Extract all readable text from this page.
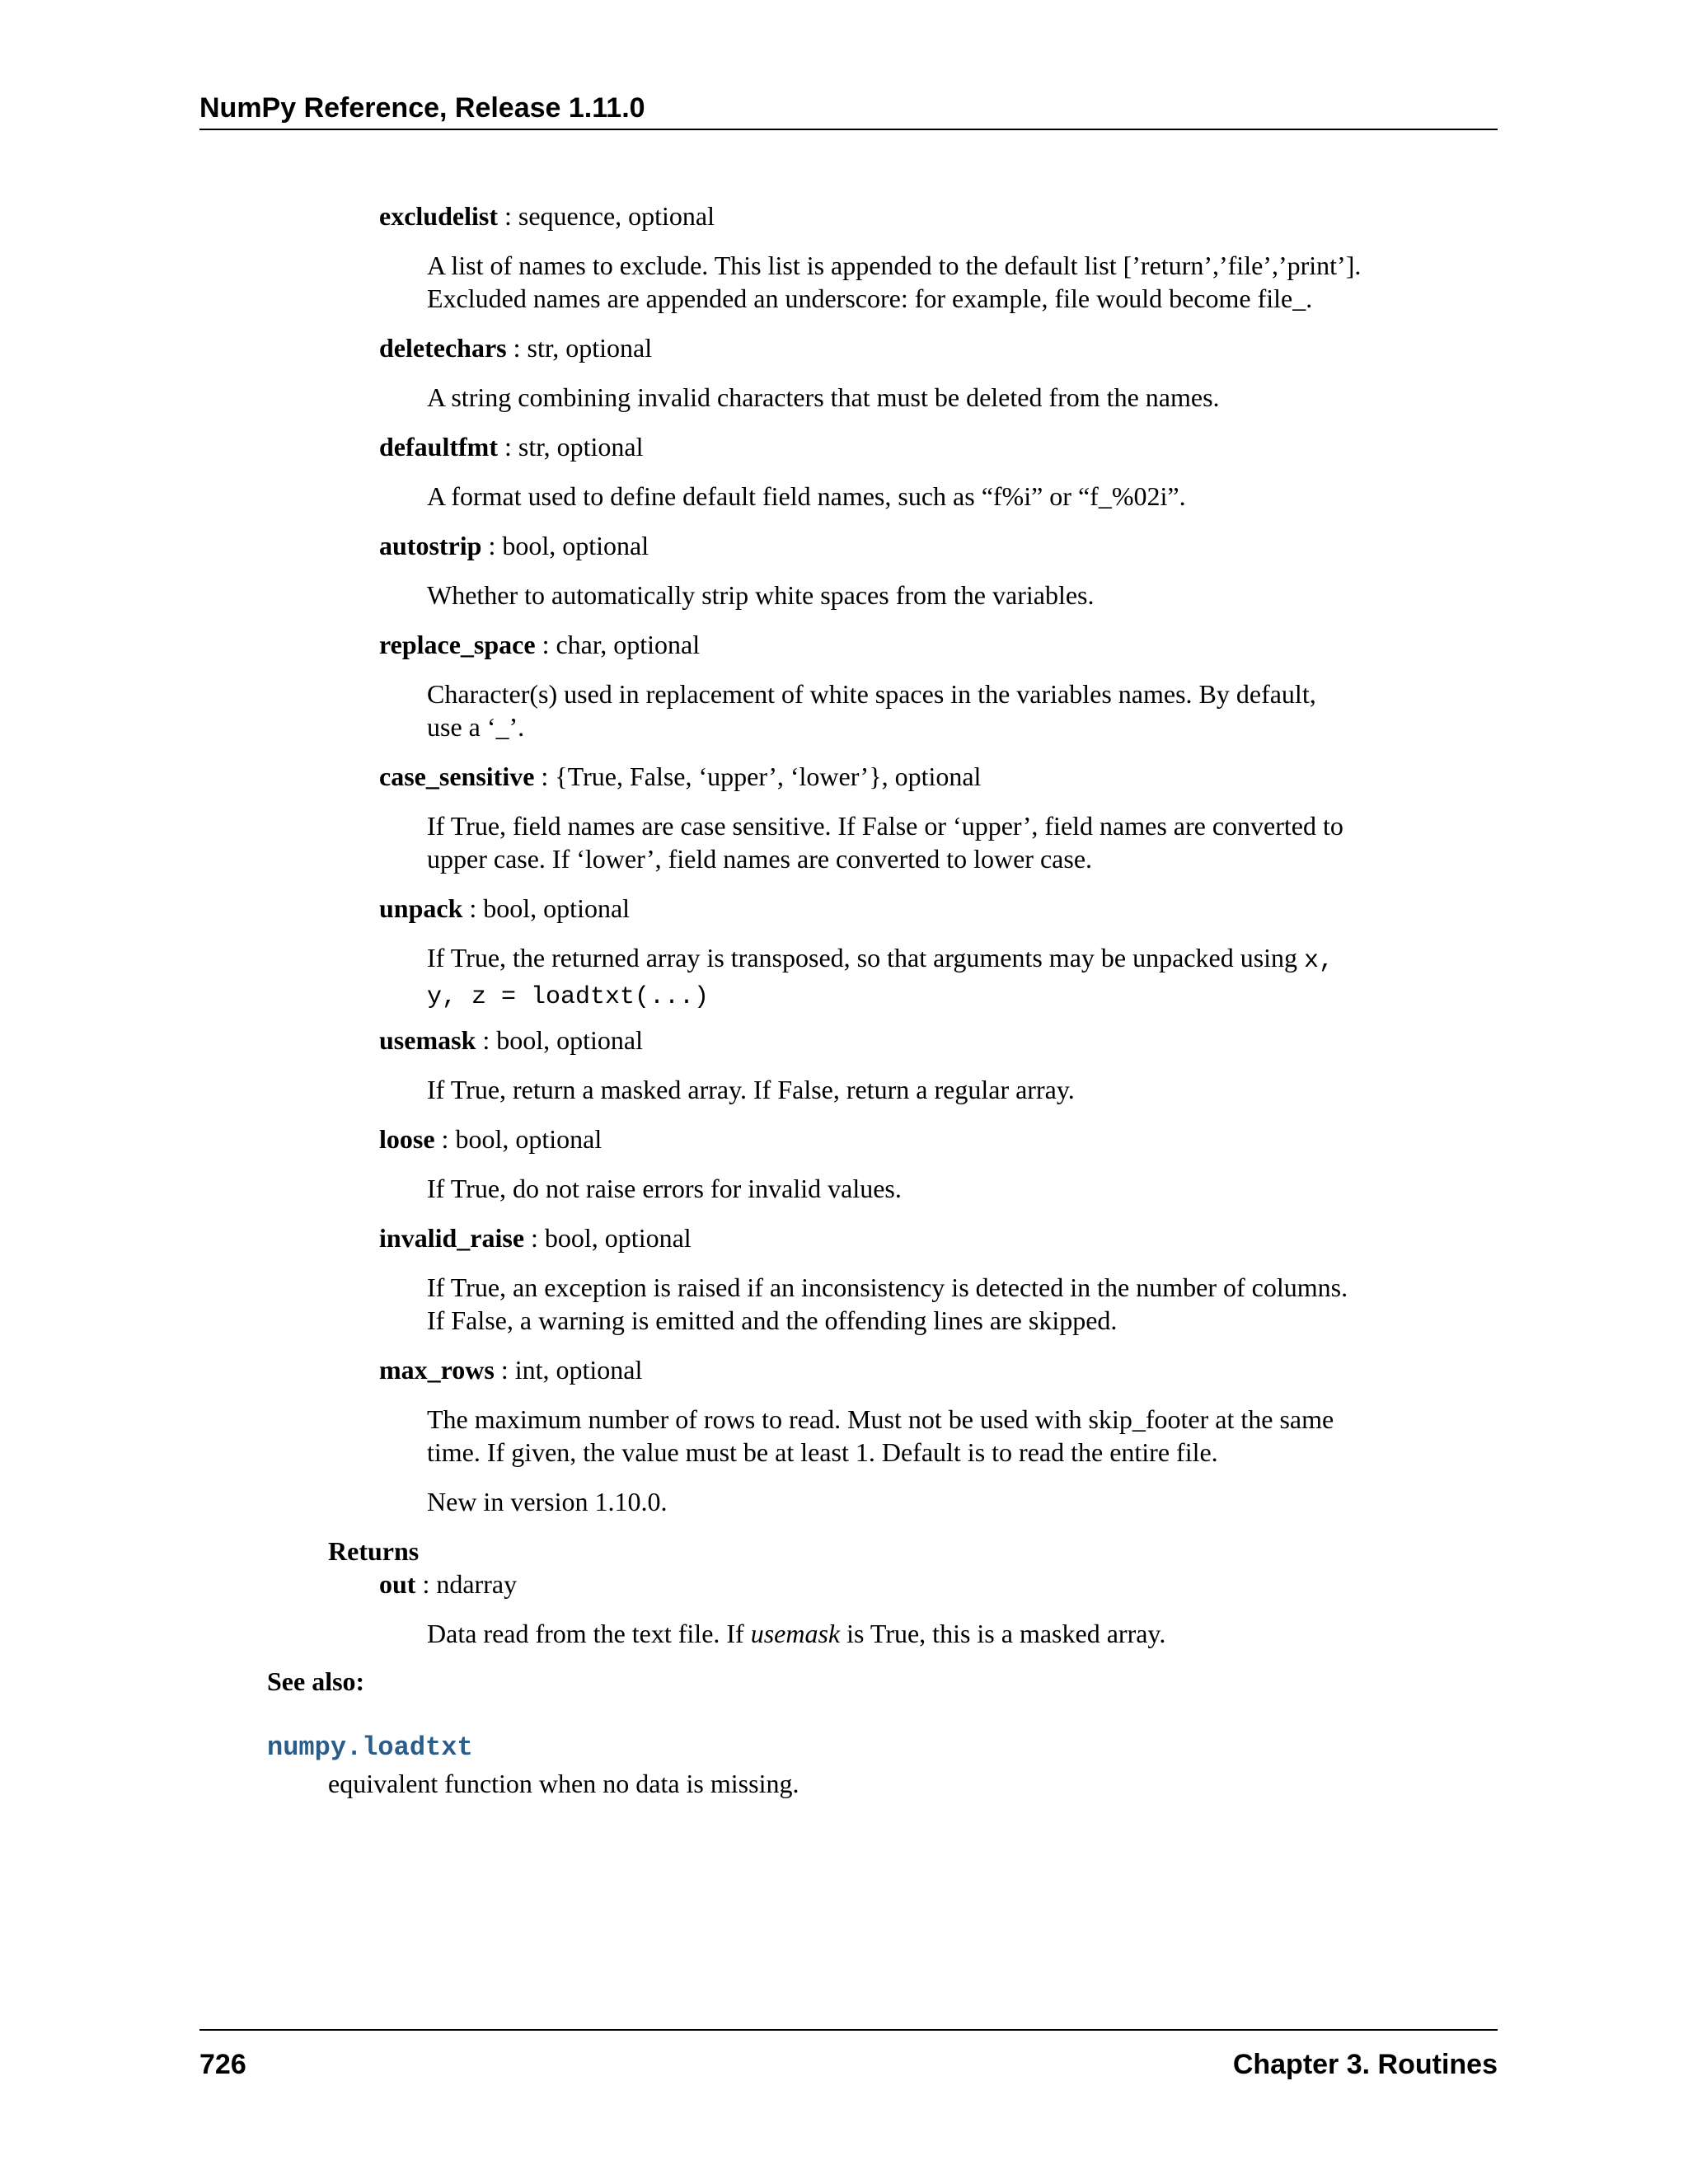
NumPy Reference, Release 1.11.0
excludelist : sequence, optional
A list of names to exclude. This list is appended to the default list [’return’,’file’,’print’].
Excluded names are appended an underscore: for example, file would become file_.
deletechars : str, optional
A string combining invalid characters that must be deleted from the names.
defaultfmt : str, optional
A format used to define default field names, such as “f%i” or “f_%02i”.
autostrip : bool, optional
Whether to automatically strip white spaces from the variables.
replace_space : char, optional
Character(s) used in replacement of white spaces in the variables names. By default,
use a ‘_’.
case_sensitive : {True, False, ‘upper’, ‘lower’}, optional
If True, field names are case sensitive. If False or ‘upper’, field names are converted to
upper case. If ‘lower’, field names are converted to lower case.
unpack : bool, optional
If True, the returned array is transposed, so that arguments may be unpacked using x,
y, z = loadtxt(...)
usemask : bool, optional
If True, return a masked array. If False, return a regular array.
loose : bool, optional
If True, do not raise errors for invalid values.
invalid_raise : bool, optional
If True, an exception is raised if an inconsistency is detected in the number of columns.
If False, a warning is emitted and the offending lines are skipped.
max_rows : int, optional
The maximum number of rows to read. Must not be used with skip_footer at the same
time. If given, the value must be at least 1. Default is to read the entire file.
New in version 1.10.0.
Returns
out : ndarray
Data read from the text file. If usemask is True, this is a masked array.
See also:
numpy.loadtxt
equivalent function when no data is missing.
726	Chapter 3. Routines
